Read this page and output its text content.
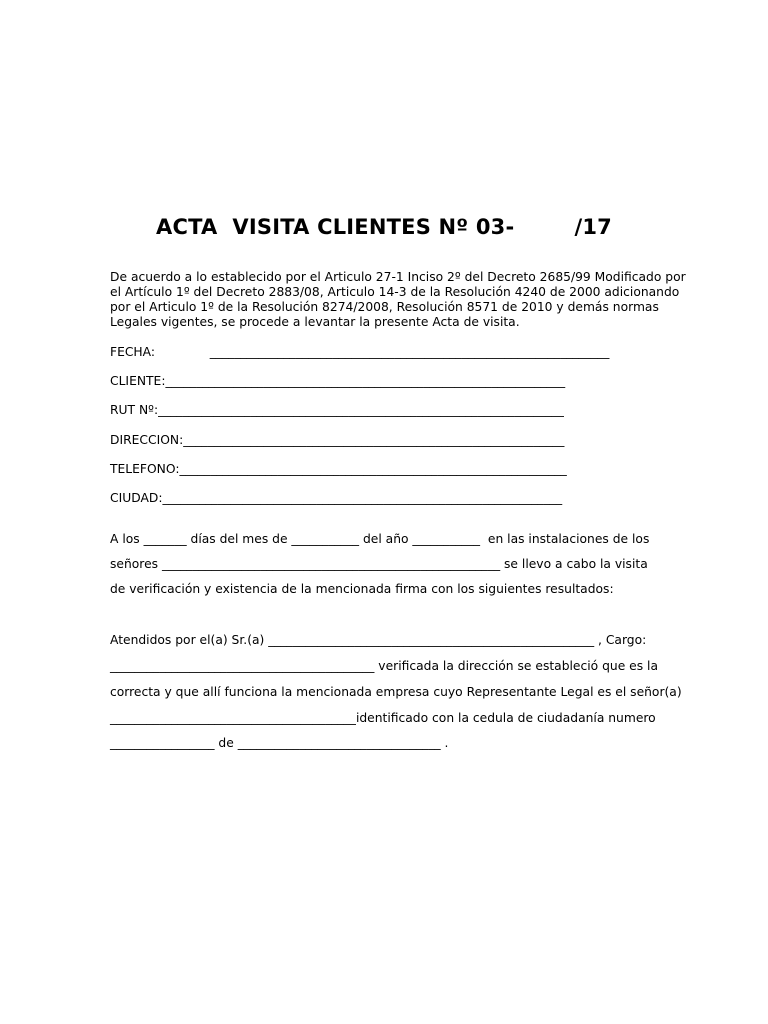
ACTA  VISITA CLIENTES Nº 03-        /17
De acuerdo a lo establecido por el Articulo 27-1 Inciso 2º del Decreto 2685/99 Modificado por
el Artículo 1º del Decreto 2883/08, Articulo 14-3 de la Resolución 4240 de 2000 adicionando
por el Articulo 1º de la Resolución 8274/2008, Resolución 8571 de 2010 y demás normas
Legales vigentes, se procede a levantar la presente Acta de visita.
FECHA:              _________________________________________________________________
CLIENTE:_________________________________________________________________
RUT Nº:__________________________________________________________________
DIRECCION:______________________________________________________________
TELEFONO:_______________________________________________________________
CIUDAD:_________________________________________________________________
A los _______ días del mes de ___________ del año ___________  en las instalaciones de los
señores _______________________________________________________ se llevo a cabo la visita
de verificación y existencia de la mencionada firma con los siguientes resultados:
Atendidos por el(a) Sr.(a) _____________________________________________________ , Cargo:
___________________________________________ verificada la dirección se estableció que es la
correcta y que allí funciona la mencionada empresa cuyo Representante Legal es el señor(a)
________________________________________identificado con la cedula de ciudadanía numero
_________________ de _________________________________ .
